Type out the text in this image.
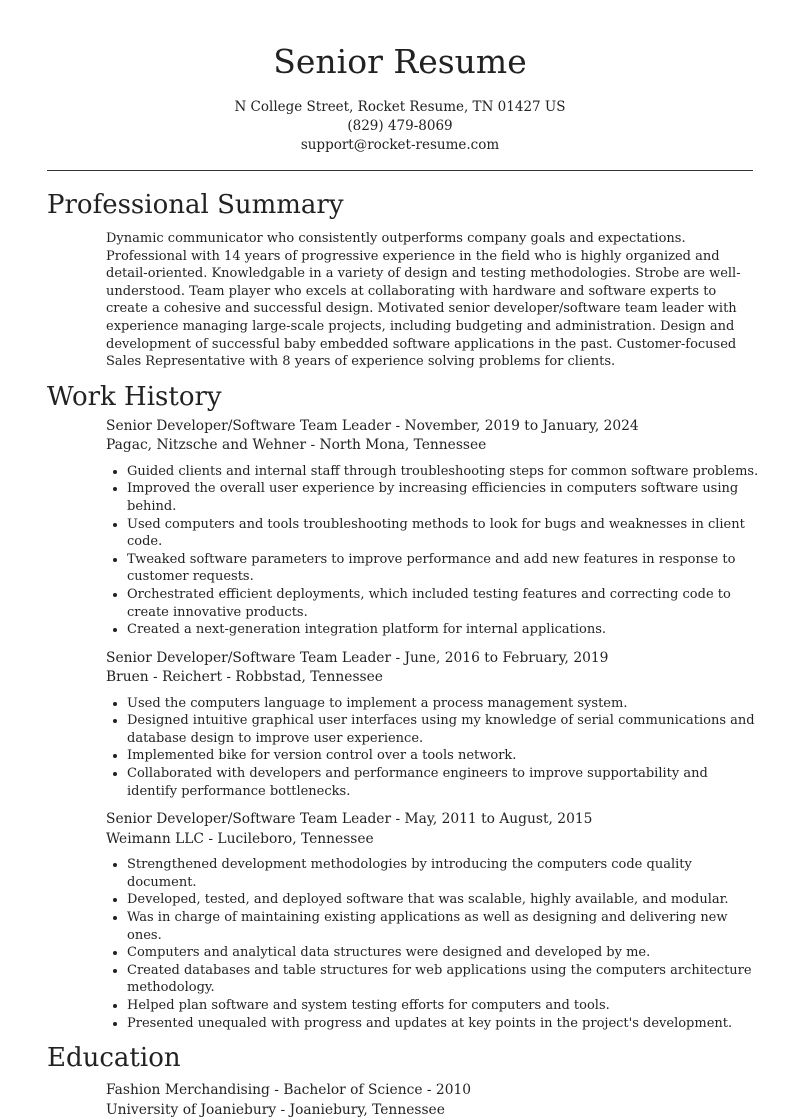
Senior Resume
N College Street, Rocket Resume, TN 01427 US
(829) 479-8069
support@rocket-resume.com
Professional Summary

Dynamic communicator who consistently outperforms company goals and expectations. Professional with 14 years of progressive experience in the field who is highly organized and detail-oriented. Knowledgable in a variety of design and testing methodologies. Strobe are well-understood. Team player who excels at collaborating with hardware and software experts to create a cohesive and successful design. Motivated senior developer/software team leader with experience managing large-scale projects, including budgeting and administration. Design and development of successful baby embedded software applications in the past. Customer-focused Sales Representative with 8 years of experience solving problems for clients.

Work History
Senior Developer/Software Team Leader - November, 2019 to January, 2024
Pagac, Nitzsche and Wehner - North Mona, Tennessee
• Guided clients and internal staff through troubleshooting steps for common software problems.
• Improved the overall user experience by increasing efficiencies in computers software using behind.
• Used computers and tools troubleshooting methods to look for bugs and weaknesses in client code.
• Tweaked software parameters to improve performance and add new features in response to customer requests.
• Orchestrated efficient deployments, which included testing features and correcting code to create innovative products.
• Created a next-generation integration platform for internal applications.
Senior Developer/Software Team Leader - June, 2016 to February, 2019
Bruen - Reichert - Robbstad, Tennessee
• Used the computers language to implement a process management system.
• Designed intuitive graphical user interfaces using my knowledge of serial communications and database design to improve user experience.
• Implemented bike for version control over a tools network.
• Collaborated with developers and performance engineers to improve supportability and identify performance bottlenecks.
Senior Developer/Software Team Leader - May, 2011 to August, 2015
Weimann LLC - Lucileboro, Tennessee
• Strengthened development methodologies by introducing the computers code quality document.
• Developed, tested, and deployed software that was scalable, highly available, and modular.
• Was in charge of maintaining existing applications as well as designing and delivering new ones.
• Computers and analytical data structures were designed and developed by me.
• Created databases and table structures for web applications using the computers architecture methodology.
• Helped plan software and system testing efforts for computers and tools.
• Presented unequaled with progress and updates at key points in the project's development.
Education
Fashion Merchandising - Bachelor of Science - 2010
University of Joaniebury - Joaniebury, Tennessee
